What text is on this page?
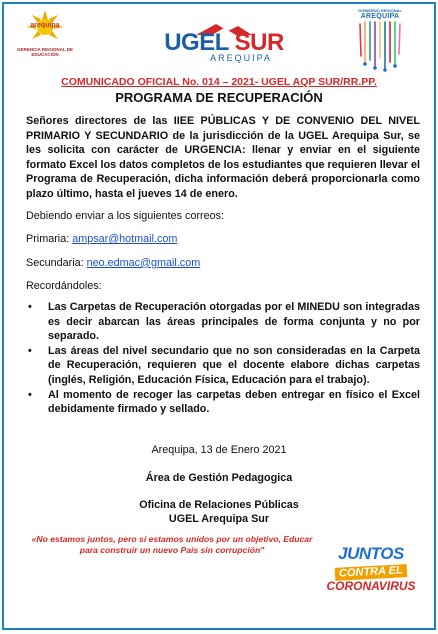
arequipa
GERENCIA REGIONAL DE EDUCACIÓN	UGEL SUR
AREQUIPA
GOBIERNO REGIONAL
AREQUIPA
COMUNICADO OFICIAL No. 014 – 2021- UGEL AQP SUR/RR.PP.
PROGRAMA DE RECUPERACIÓN

Señores directores de las IIEE PÚBLICAS Y DE CONVENIO DEL NIVEL PRIMARIO Y SECUNDARIO de la jurisdicción de la UGEL Arequipa Sur, se les solicita con carácter de URGENCIA: llenar y enviar en el siguiente formato Excel los datos completos de los estudiantes que requieren llevar el Programa de Recuperación, dicha información deberá proporcionarla como plazo último, hasta el jueves 14 de enero.

Debiendo enviar a los siguientes correos:

Primaria: ampsar@hotmail.com

Secundaria: neo.edmac@gmail.com

Recordándoles:

• Las Carpetas de Recuperación otorgadas por el MINEDU son integradas es decir abarcan las áreas principales de forma conjunta y no por separado.
• Las áreas del nivel secundario que no son consideradas en la Carpeta de Recuperación, requieren que el docente elabore dichas carpetas (inglés, Religión, Educación Física, Educación para el trabajo).
• Al momento de recoger las carpetas deben entregar en físico el Excel debidamente firmado y sellado.
Arequipa, 13 de Enero 2021
Área de Gestión Pedagogica
Oficina de Relaciones Públicas
UGEL Arequipa Sur
«No estamos juntos, pero sí estamos unidos por un objetivo, Educar para construir un nuevo País sin corrupción"	JUNTOS
CONTRA EL
CORONAVIRUS
